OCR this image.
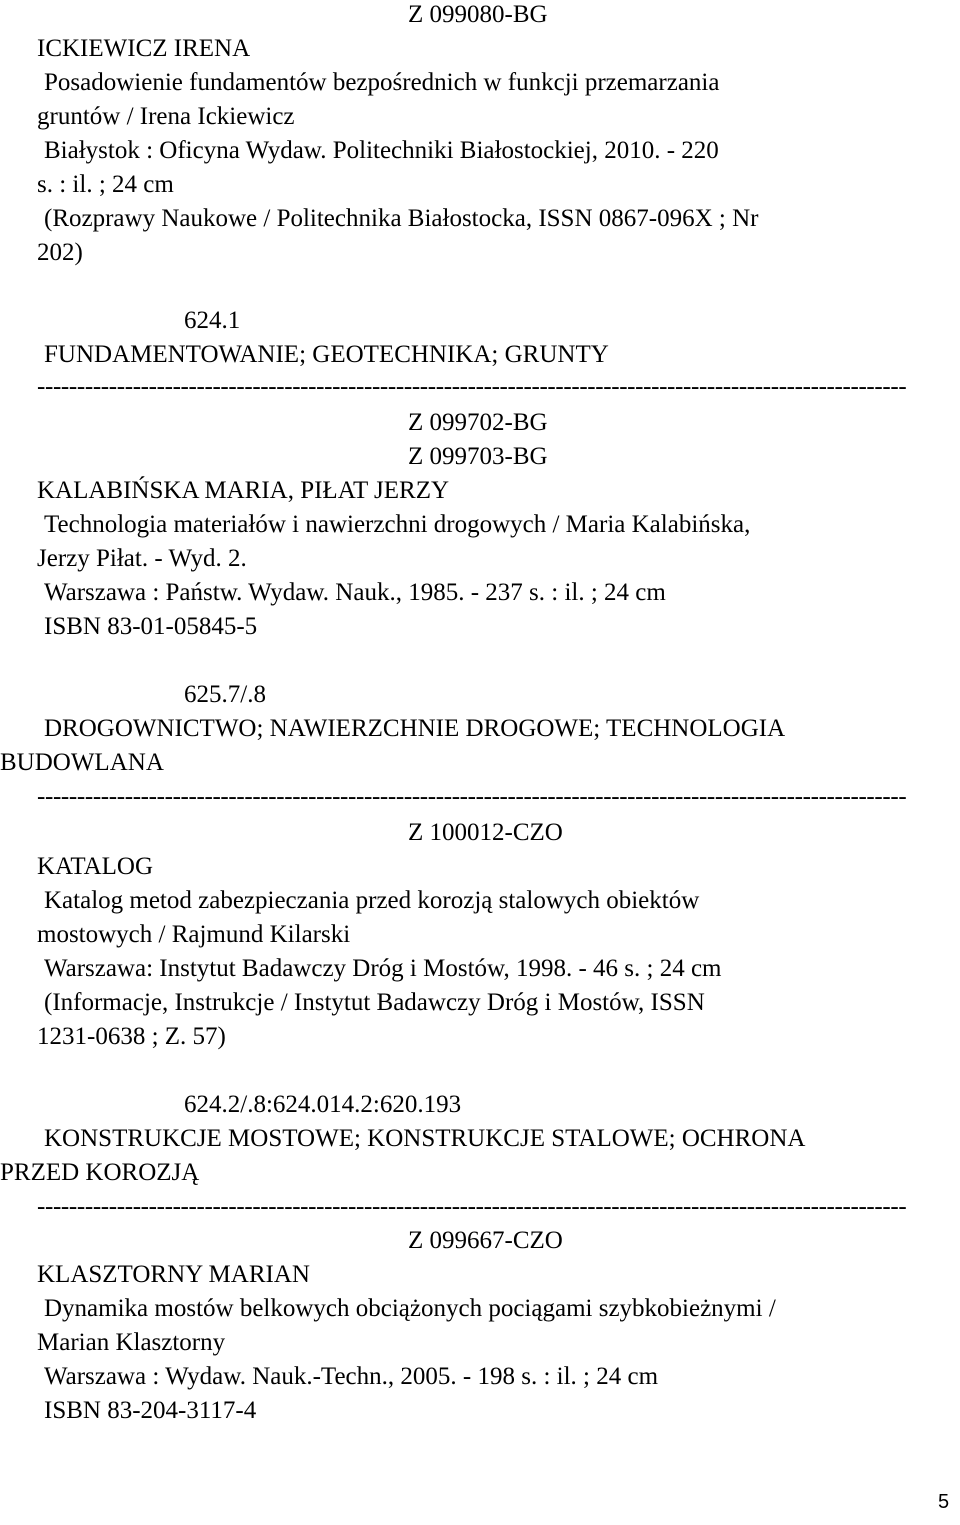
Z 099080-BG
ICKIEWICZ IRENA
Posadowienie fundamentów bezpośrednich w funkcji przemarzania
gruntów / Irena Ickiewicz
Białystok : Oficyna Wydaw. Politechniki Białostockiej, 2010. - 220
s. : il. ; 24 cm
(Rozprawy Naukowe / Politechnika Białostocka, ISSN 0867-096X ; Nr
202)
624.1
FUNDAMENTOWANIE; GEOTECHNIKA; GRUNTY
-------------------------------------------------------------------------------------------------------------
Z 099702-BG
Z 099703-BG
KALABIŃSKA MARIA, PIŁAT JERZY
Technologia materiałów i nawierzchni drogowych / Maria Kalabińska,
Jerzy Piłat. - Wyd. 2.
Warszawa : Państw. Wydaw. Nauk., 1985. - 237 s. : il. ; 24 cm
ISBN 83-01-05845-5
625.7/.8
DROGOWNICTWO; NAWIERZCHNIE DROGOWE; TECHNOLOGIA
BUDOWLANA
-------------------------------------------------------------------------------------------------------------
Z 100012-CZO
KATALOG
Katalog metod zabezpieczania przed korozją stalowych obiektów
mostowych / Rajmund Kilarski
Warszawa: Instytut Badawczy Dróg i Mostów, 1998. - 46 s. ; 24 cm
(Informacje, Instrukcje / Instytut Badawczy Dróg i Mostów, ISSN
1231-0638 ; Z. 57)
624.2/.8:624.014.2:620.193
KONSTRUKCJE MOSTOWE; KONSTRUKCJE STALOWE; OCHRONA
PRZED KOROZJĄ
-------------------------------------------------------------------------------------------------------------
Z 099667-CZO
KLASZTORNY MARIAN
Dynamika mostów belkowych obciążonych pociągami szybkobieżnymi /
Marian Klasztorny
Warszawa : Wydaw. Nauk.-Techn., 2005. - 198 s. : il. ; 24 cm
ISBN 83-204-3117-4
5
